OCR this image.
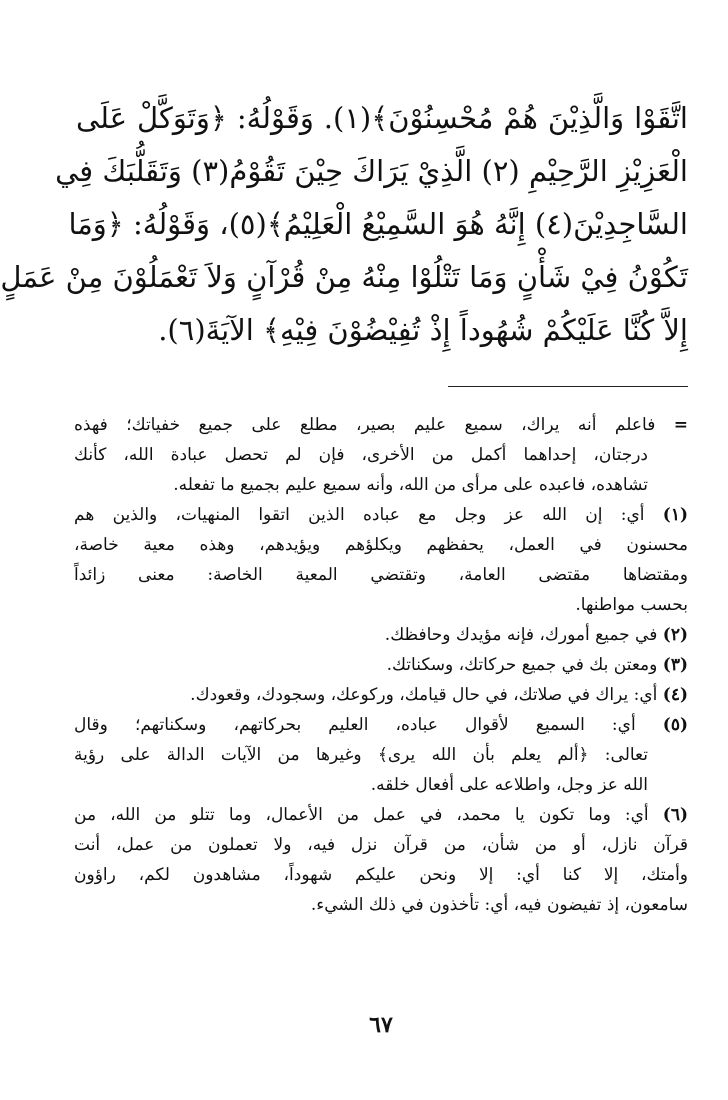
اتَّقَوْا وَالَّذِيْنَ هُمْ مُحْسِنُوْنَ﴾(١). وَقَوْلُهُ: ﴿وَتَوَكَّلْ عَلَى
الْعَزِيْزِ الرَّحِيْمِ (٢) الَّذِيْ يَرَاكَ حِيْنَ تَقُوْمُ(٣) وَتَقَلُّبَكَ فِي
السَّاجِدِيْنَ(٤) إِنَّهُ هُوَ السَّمِيْعُ الْعَلِيْمُ﴾(٥)، وَقَوْلُهُ: ﴿وَمَا
تَكُوْنُ فِيْ شَأْنٍ وَمَا تَتْلُوْا مِنْهُ مِنْ قُرْآنٍ وَلاَ تَعْمَلُوْنَ مِنْ عَمَلٍ
إِلاَّ كُنَّا عَلَيْكُمْ شُهُوداً إِذْ تُفِيْضُوْنَ فِيْهِ﴾ الآيَةَ(٦).
= فاعلم أنه يراك، سميع عليم بصير، مطلع على جميع خفياتك؛ فهذه
درجتان، إحداهما أكمل من الأخرى، فإن لم تحصل عبادة الله، كأنك
تشاهده، فاعبده على مرأى من الله، وأنه سميع عليم بجميع ما تفعله.
(١) أي: إن الله عز وجل مع عباده الذين اتقوا المنهيات، والذين هم
محسنون في العمل، يحفظهم ويكلؤهم ويؤيدهم، وهذه معية خاصة،
ومقتضاها مقتضى العامة، وتقتضي المعية الخاصة: معنى زائداً
بحسب مواطنها.
(٢) في جميع أمورك، فإنه مؤيدك وحافظك.
(٣) ومعتن بك في جميع حركاتك، وسكناتك.
(٤) أي: يراك في صلاتك، في حال قيامك، وركوعك، وسجودك، وقعودك.
(٥) أي: السميع لأقوال عباده، العليم بحركاتهم، وسكناتهم؛ وقال
تعالى: ﴿ألم يعلم بأن الله يرى﴾ وغيرها من الآيات الدالة على رؤية
الله عز وجل، واطلاعه على أفعال خلقه.
(٦) أي: وما تكون يا محمد، في عمل من الأعمال، وما تتلو من الله، من
قرآن نازل، أو من شأن، من قرآن نزل فيه، ولا تعملون من عمل، أنت
وأمتك، إلا كنا أي: إلا ونحن عليكم شهوداً، مشاهدون لكم، راؤون
سامعون، إذ تفيضون فيه، أي: تأخذون في ذلك الشيء.
٦٧
